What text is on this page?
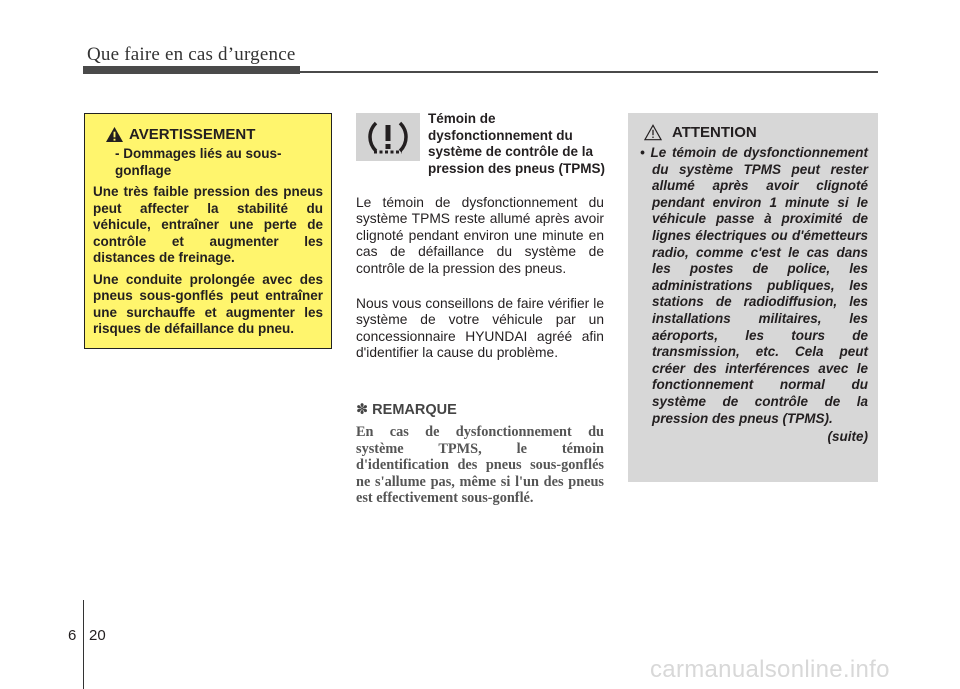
Que faire en cas d’urgence
AVERTISSEMENT
- Dommages liés au sous-gonflage
Une très faible pression des pneus peut affecter la stabilité du véhicule, entraîner une perte de contrôle et augmenter les distances de freinage.
Une conduite prolongée avec des pneus sous-gonflés peut entraîner une surchauffe et augmenter les risques de défaillance du pneu.
Témoin de dysfonctionnement du système de contrôle de la pression des pneus (TPMS)
Le témoin de dysfonctionnement du système TPMS reste allumé après avoir clignoté pendant environ une minute en cas de défaillance du système de contrôle de la pression des pneus.
Nous vous conseillons de faire vérifier le système de votre véhicule par un concessionnaire HYUNDAI agréé afin d'identifier la cause du problème.
✽ REMARQUE
En cas de dysfonctionnement du système TPMS, le témoin d'identification des pneus sous-gonflés ne s'allume pas, même si l'un des pneus est effectivement sous-gonflé.
ATTENTION
• Le témoin de dysfonctionnement du système TPMS peut rester allumé après avoir clignoté pendant environ 1 minute si le véhicule passe à proximité de lignes électriques ou d'émetteurs radio, comme c'est le cas dans les postes de police, les administrations publiques, les stations de radiodiffusion, les installations militaires, les aéroports, les tours de transmission, etc. Cela peut créer des interférences avec le fonctionnement normal du système de contrôle de la pression des pneus (TPMS).
(suite)
6 20
carmanualsonline.info
